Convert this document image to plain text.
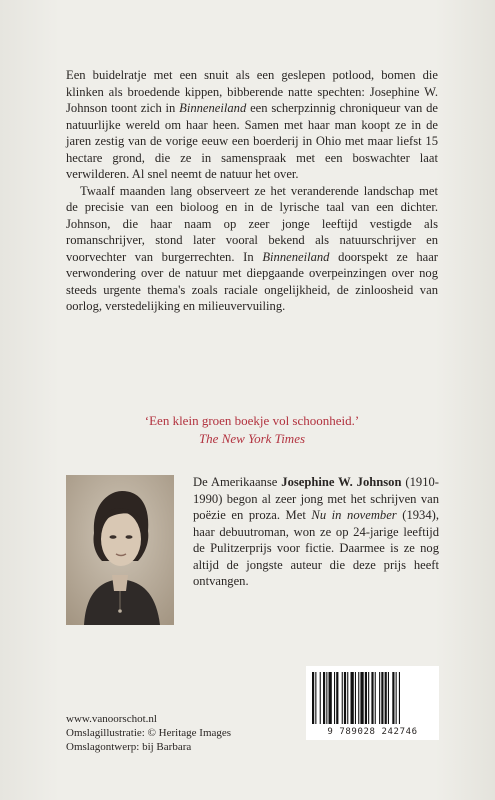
Een buidelratje met een snuit als een geslepen potlood, bomen die klinken als broedende kippen, bibberende natte spechten: Josephine W. Johnson toont zich in Binneneiland een scherpzinnig chroniqueur van de natuurlijke wereld om haar heen. Samen met haar man koopt ze in de jaren zestig van de vorige eeuw een boerderij in Ohio met maar liefst 15 hectare grond, die ze in samenspraak met een boswachter laat verwilderen. Al snel neemt de natuur het over.

Twaalf maanden lang observeert ze het veranderende landschap met de precisie van een bioloog en in de lyrische taal van een dichter. Johnson, die haar naam op zeer jonge leeftijd vestigde als romanschrijver, stond later vooral bekend als natuurschrijver en voorvechter van burgerrechten. In Binneneiland doorspekt ze haar verwondering over de natuur met diepgaande overpeinzingen over nog steeds urgente thema's zoals raciale ongelijkheid, de zinloosheid van oorlog, verstedelijking en milieuvervuiling.

‘Een klein groen boekje vol schoonheid.’
The New York Times

De Amerikaanse Josephine W. Johnson (1910-1990) begon al zeer jong met het schrijven van poëzie en proza. Met Nu in november (1934), haar debuutroman, won ze op 24-jarige leeftijd de Pulitzerprijs voor fictie. Daarmee is ze nog altijd de jongste auteur die deze prijs heeft ontvangen.

www.vanoorschot.nl
Omslagillustratie: © Heritage Images
Omslagontwerp: bij Barbara
9 789028 242746
